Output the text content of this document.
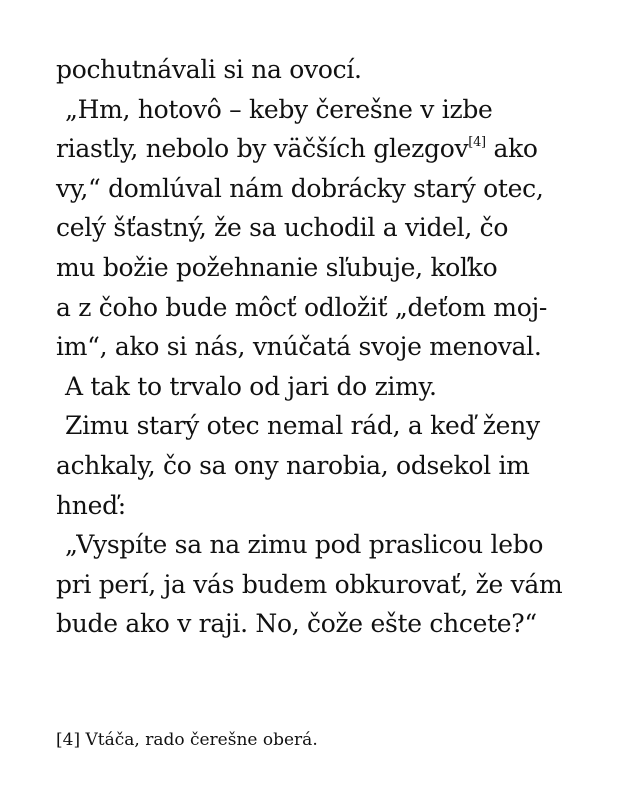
pochutnávali si na ovocí.
„Hm, hotovô – keby čerešne v izbe
riastly, nebolo by väčších glezgov[4] ako
vy,“ domlúval nám dobrácky starý otec,
celý šťastný, že sa uchodil a videl, čo
mu božie požehnanie sľubuje, koľko
a z čoho bude môcť odložiť „deťom moj-
im“, ako si nás, vnúčatá svoje menoval.
A tak to trvalo od jari do zimy.
Zimu starý otec nemal rád, a keď ženy
achkaly, čo sa ony narobia, odsekol im
hneď:
„Vyspíte sa na zimu pod praslicou lebo
pri perí, ja vás budem obkurovať, že vám
bude ako v raji. No, čože ešte chcete?“
[4] Vtáča, rado čerešne oberá.
